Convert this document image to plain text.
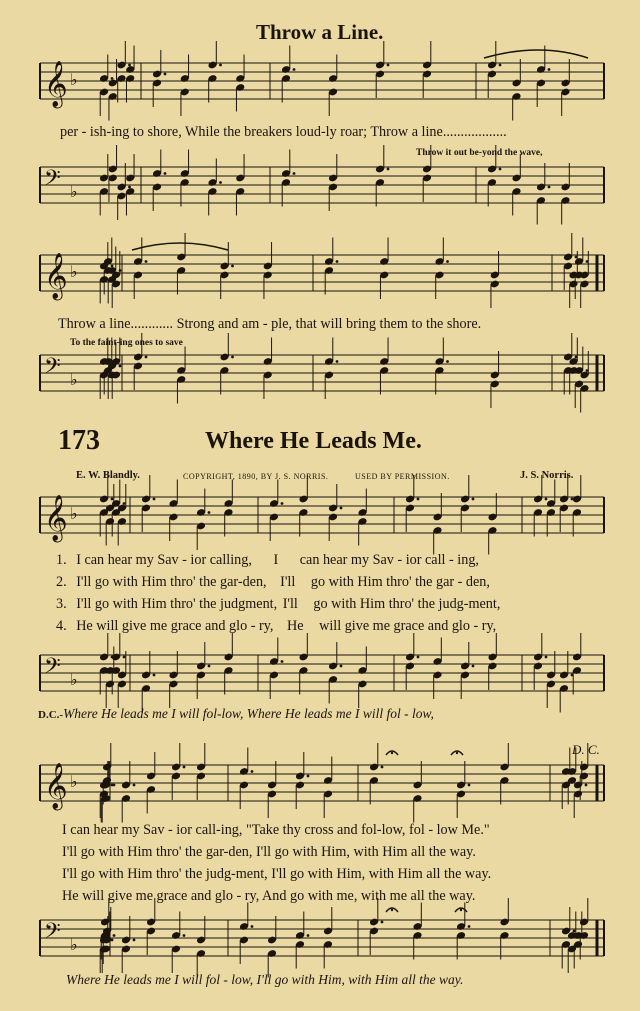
𝄞 ♭
𝄢 ♭
𝄞 ♭
𝄢 ♭
𝄞 ♭
𝄢 ♭
𝄞 ♭
𝄢 ♭
Throw a Line.
per - ish-ing to shore, While the breakers loud-ly roar; Throw a line..................
Throw it out be-yond the wave,
Throw a line............ Strong and am - ple, that will bring them to the shore.
To the faint-ing ones to save
173	Where He Leads Me.
E. W. Blandly.	COPYRIGHT, 1890, BY J. S. NORRIS.	USED BY PERMISSION.	J. S. Norris.
1. I can hear my Sav - ior calling, I can hear my Sav - ior call - ing,
2. I'll go with Him thro' the gar-den, I'll go with Him thro' the gar - den,
3. I'll go with Him thro' the judgment, I'll go with Him thro' the judg-ment,
4. He will give me grace and glo - ry, He will give me grace and glo - ry,
D.C.-Where He leads me I will fol-low, Where He leads me I will fol - low,
D. C.
I can hear my Sav - ior call-ing, "Take thy cross and fol-low, fol - low Me."
I'll go with Him thro' the gar-den, I'll go with Him, with Him all the way.
I'll go with Him thro' the judg-ment, I'll go with Him, with Him all the way.
He will give me grace and glo - ry, And go with me, with me all the way.
Where He leads me I will fol - low, I'll go with Him, with Him all the way.
